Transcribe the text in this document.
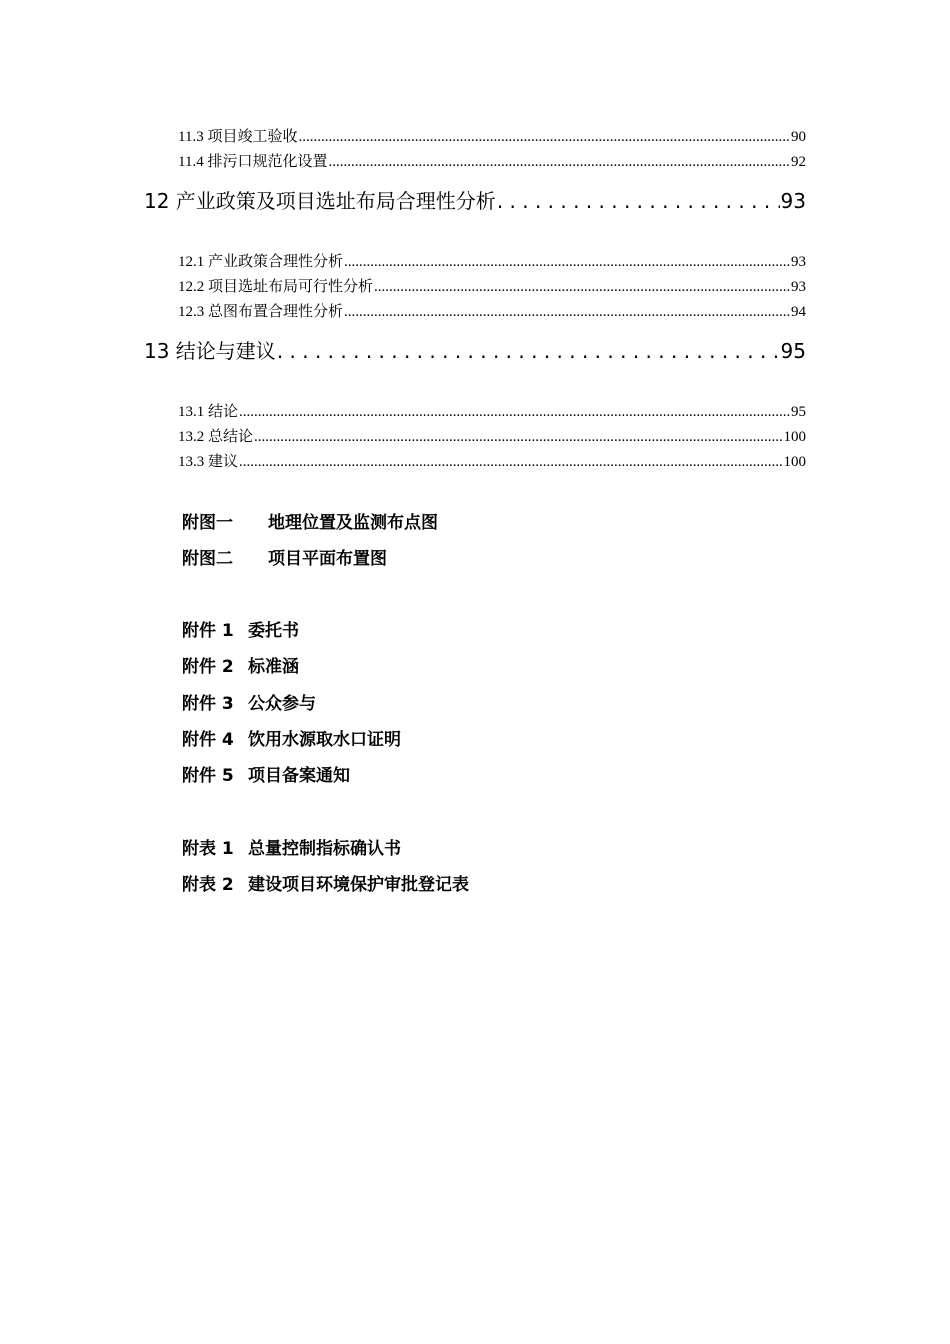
11.3 项目竣工验收 .....	90
11.4 排污口规范化设置 .....	92
12 产业政策及项目选址布局合理性分析 . . .	93
12.1 产业政策合理性分析 .....	93
12.2 项目选址布局可行性分析 .....	93
12.3 总图布置合理性分析 .....	94
13 结论与建议 . . .	95
13.1 结论 .....	95
13.2 总结论 .....	100
13.3 建议 .....	100
附图一 地理位置及监测布点图
附图二 项目平面布置图
附件 1 委托书
附件 2 标准涵
附件 3 公众参与
附件 4 饮用水源取水口证明
附件 5 项目备案通知
附表 1 总量控制指标确认书
附表 2 建设项目环境保护审批登记表
